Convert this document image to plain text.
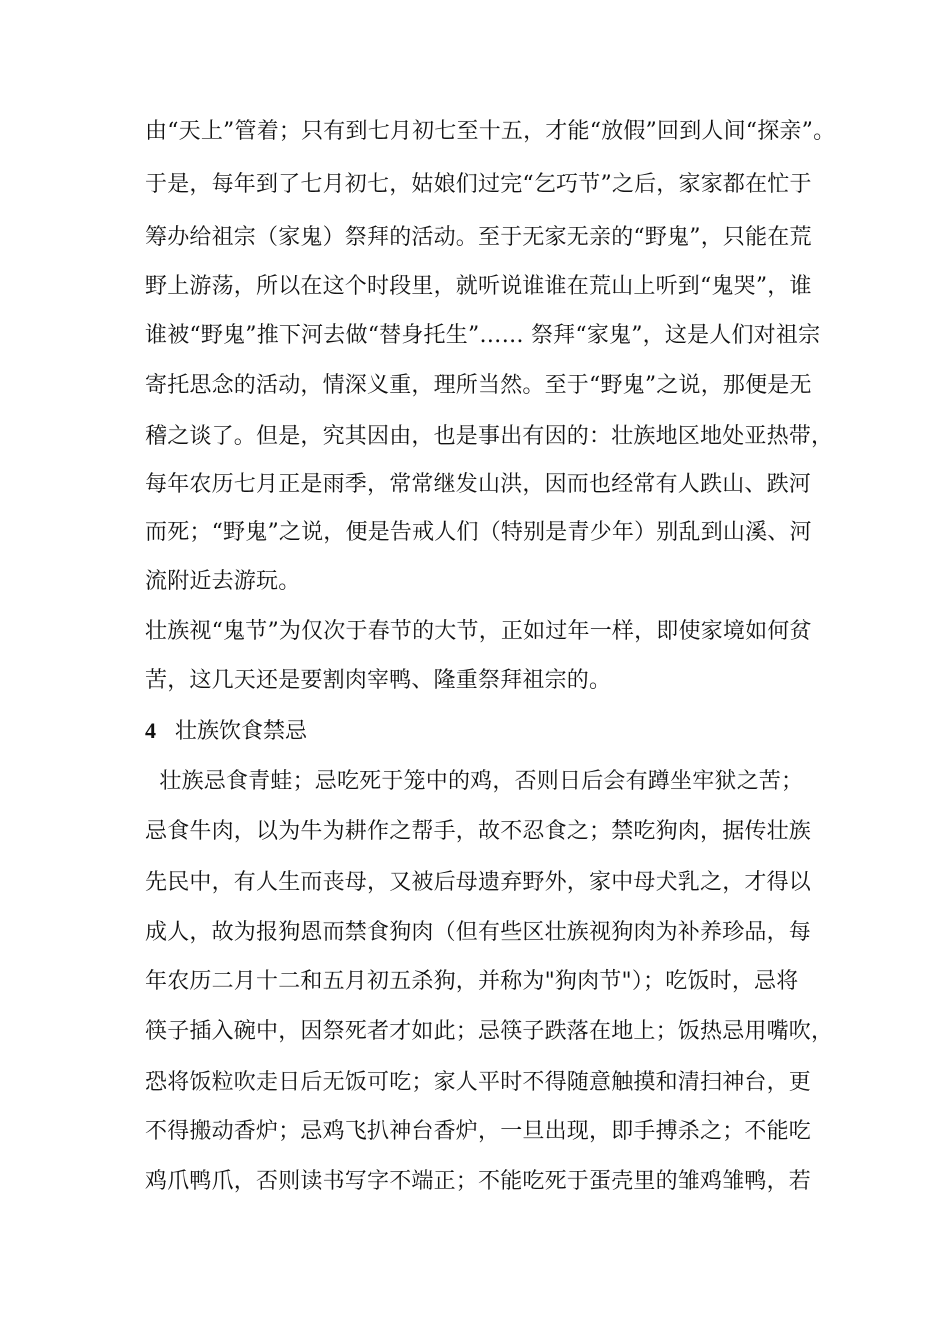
由“天上”管着；只有到七月初七至十五，才能“放假”回到人间“探亲”。
于是，每年到了七月初七，姑娘们过完“乞巧节”之后，家家都在忙于
筹办给祖宗（家鬼）祭拜的活动。至于无家无亲的“野鬼”，只能在荒
野上游荡，所以在这个时段里，就听说谁谁在荒山上听到“鬼哭”，谁
谁被“野鬼”推下河去做“替身托生”…… 祭拜“家鬼”，这是人们对祖宗
寄托思念的活动，情深义重，理所当然。至于“野鬼”之说，那便是无
稽之谈了。但是，究其因由，也是事出有因的：壮族地区地处亚热带，
每年农历七月正是雨季，常常继发山洪，因而也经常有人跌山、跌河
而死；“野鬼”之说，便是告戒人们（特别是青少年）别乱到山溪、河
流附近去游玩。
壮族视“鬼节”为仅次于春节的大节，正如过年一样，即使家境如何贫
苦，这几天还是要割肉宰鸭、隆重祭拜祖宗的。
4 壮族饮食禁忌
壮族忌食青蛙；忌吃死于笼中的鸡，否则日后会有蹲坐牢狱之苦；
忌食牛肉，以为牛为耕作之帮手，故不忍食之；禁吃狗肉，据传壮族
先民中，有人生而丧母，又被后母遗弃野外，家中母犬乳之，才得以
成人，故为报狗恩而禁食狗肉（但有些区壮族视狗肉为补养珍品，每
年农历二月十二和五月初五杀狗，并称为"狗肉节"）；吃饭时，忌将
筷子插入碗中，因祭死者才如此；忌筷子跌落在地上；饭热忌用嘴吹，
恐将饭粒吹走日后无饭可吃；家人平时不得随意触摸和清扫神台，更
不得搬动香炉；忌鸡飞扒神台香炉，一旦出现，即手搏杀之；不能吃
鸡爪鸭爪，否则读书写字不端正；不能吃死于蛋壳里的雏鸡雏鸭，若
